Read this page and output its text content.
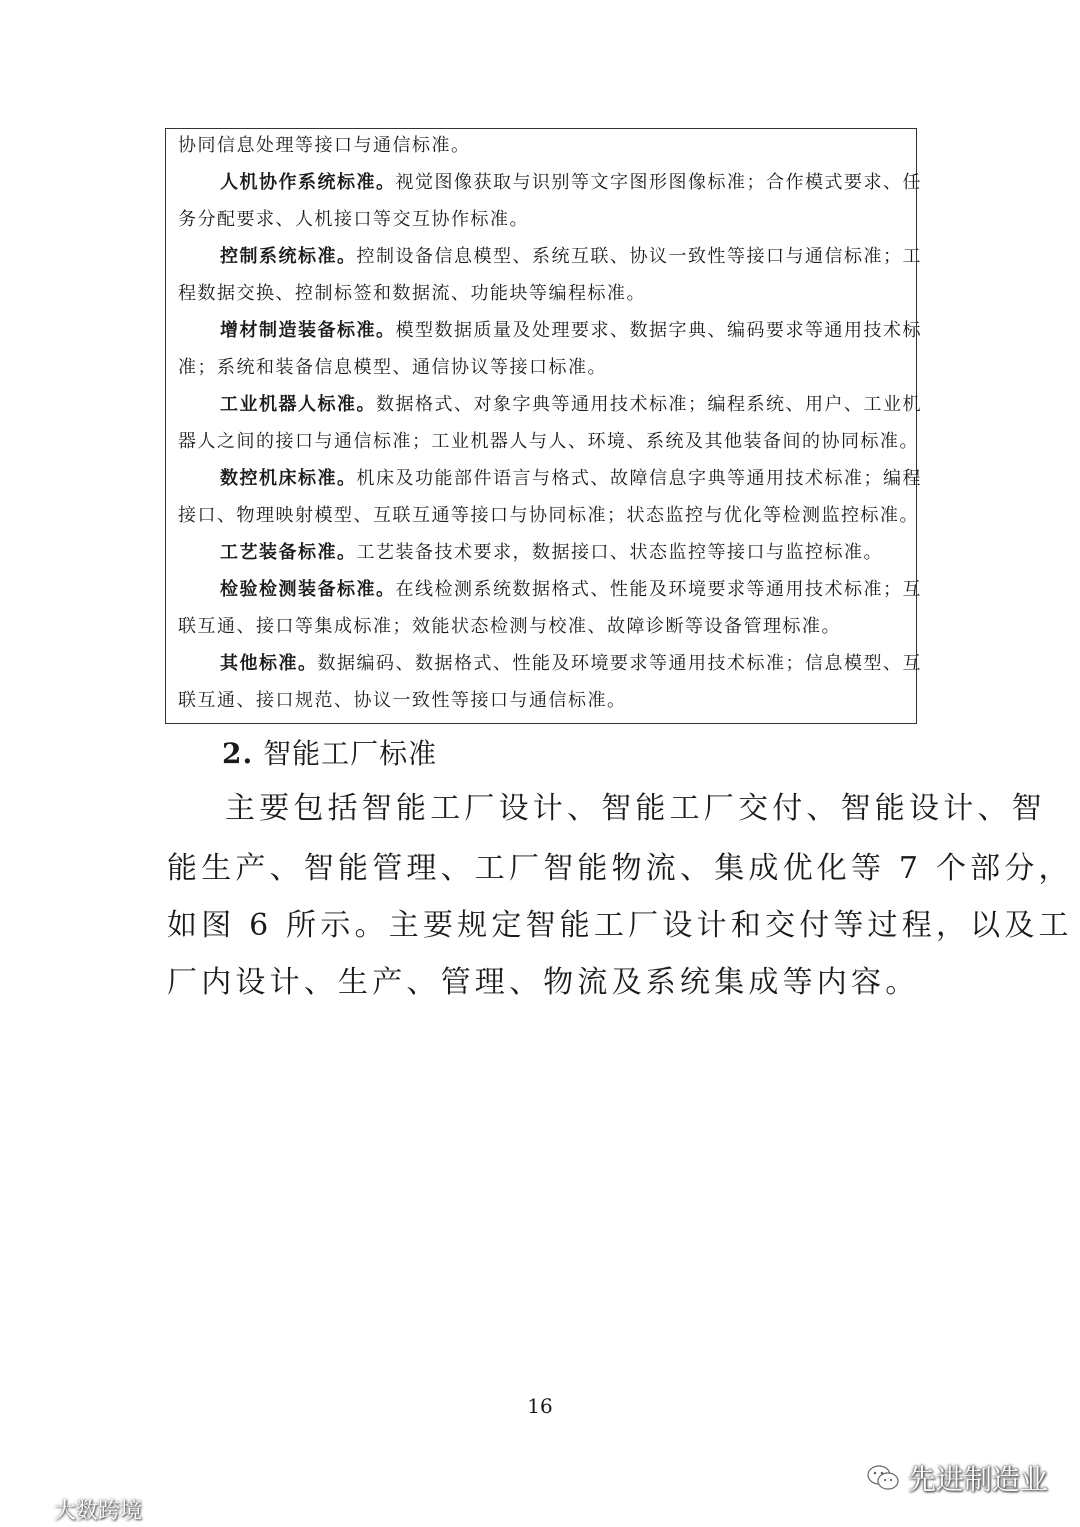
协同信息处理等接口与通信标准。
人机协作系统标准。视觉图像获取与识别等文字图形图像标准；合作模式要求、任
务分配要求、人机接口等交互协作标准。
控制系统标准。控制设备信息模型、系统互联、协议一致性等接口与通信标准；工
程数据交换、控制标签和数据流、功能块等编程标准。
增材制造装备标准。模型数据质量及处理要求、数据字典、编码要求等通用技术标
准；系统和装备信息模型、通信协议等接口标准。
工业机器人标准。数据格式、对象字典等通用技术标准；编程系统、用户、工业机
器人之间的接口与通信标准；工业机器人与人、环境、系统及其他装备间的协同标准。
数控机床标准。机床及功能部件语言与格式、故障信息字典等通用技术标准；编程
接口、物理映射模型、互联互通等接口与协同标准；状态监控与优化等检测监控标准。
工艺装备标准。工艺装备技术要求，数据接口、状态监控等接口与监控标准。
检验检测装备标准。在线检测系统数据格式、性能及环境要求等通用技术标准；互
联互通、接口等集成标准；效能状态检测与校准、故障诊断等设备管理标准。
其他标准。数据编码、数据格式、性能及环境要求等通用技术标准；信息模型、互
联互通、接口规范、协议一致性等接口与通信标准。
2. 智能工厂标准
主要包括智能工厂设计、智能工厂交付、智能设计、智
能生产、智能管理、工厂智能物流、集成优化等 7 个部分，
如图 6 所示。主要规定智能工厂设计和交付等过程，以及工
厂内设计、生产、管理、物流及系统集成等内容。
16
先进制造业
大数跨境
